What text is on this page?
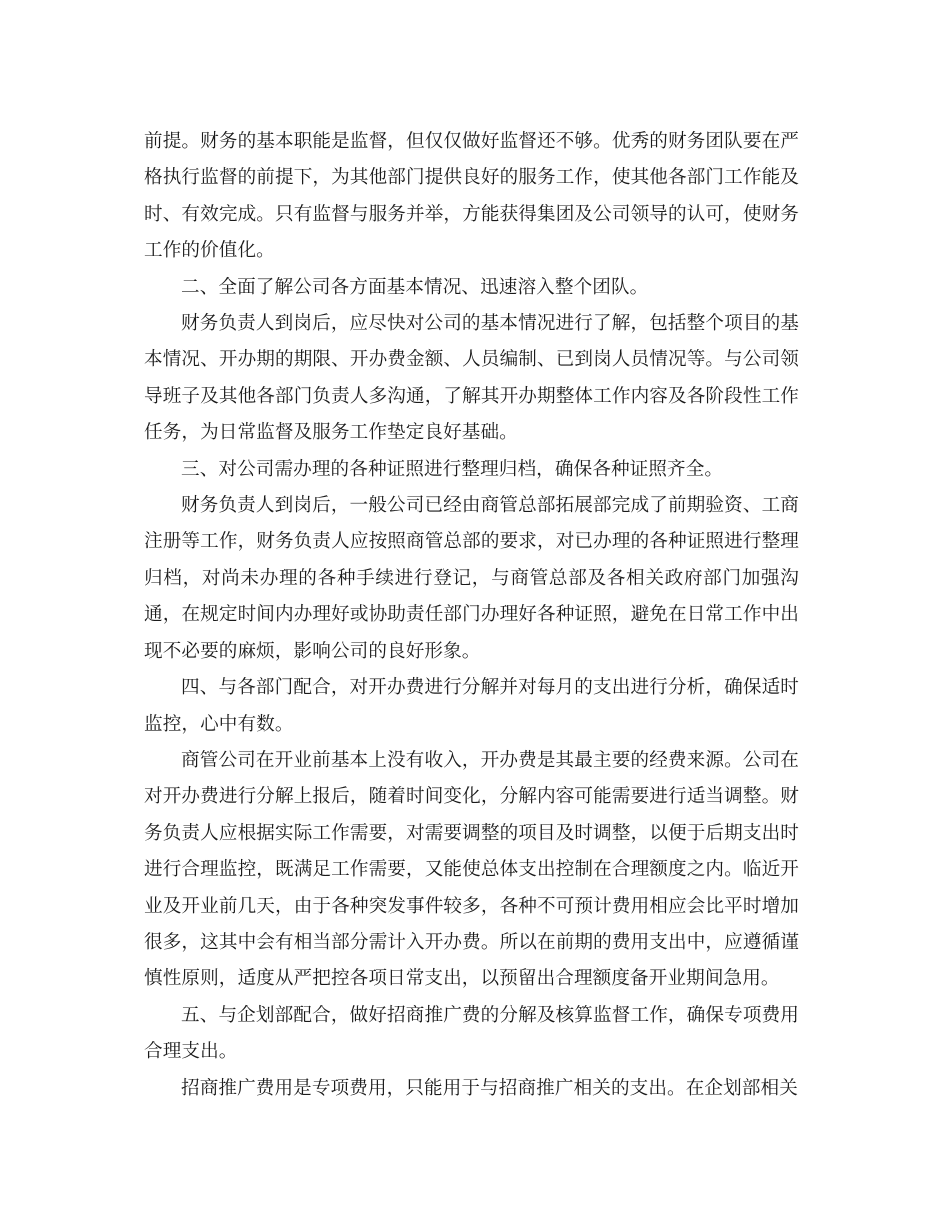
前提。财务的基本职能是监督，但仅仅做好监督还不够。优秀的财务团队要在严格执行监督的前提下，为其他部门提供良好的服务工作，使其他各部门工作能及时、有效完成。只有监督与服务并举，方能获得集团及公司领导的认可，使财务工作的价值化。

二、全面了解公司各方面基本情况、迅速溶入整个团队。

财务负责人到岗后，应尽快对公司的基本情况进行了解，包括整个项目的基本情况、开办期的期限、开办费金额、人员编制、已到岗人员情况等。与公司领导班子及其他各部门负责人多沟通，了解其开办期整体工作内容及各阶段性工作任务，为日常监督及服务工作垫定良好基础。

三、对公司需办理的各种证照进行整理归档，确保各种证照齐全。

财务负责人到岗后，一般公司已经由商管总部拓展部完成了前期验资、工商注册等工作，财务负责人应按照商管总部的要求，对已办理的各种证照进行整理归档，对尚未办理的各种手续进行登记，与商管总部及各相关政府部门加强沟通，在规定时间内办理好或协助责任部门办理好各种证照，避免在日常工作中出现不必要的麻烦，影响公司的良好形象。

四、与各部门配合，对开办费进行分解并对每月的支出进行分析，确保适时监控，心中有数。

商管公司在开业前基本上没有收入，开办费是其最主要的经费来源。公司在对开办费进行分解上报后，随着时间变化，分解内容可能需要进行适当调整。财务负责人应根据实际工作需要，对需要调整的项目及时调整，以便于后期支出时进行合理监控，既满足工作需要，又能使总体支出控制在合理额度之内。临近开业及开业前几天，由于各种突发事件较多，各种不可预计费用相应会比平时增加很多，这其中会有相当部分需计入开办费。所以在前期的费用支出中，应遵循谨慎性原则，适度从严把控各项日常支出，以预留出合理额度备开业期间急用。

五、与企划部配合，做好招商推广费的分解及核算监督工作，确保专项费用合理支出。

招商推广费用是专项费用，只能用于与招商推广相关的支出。在企划部相关
